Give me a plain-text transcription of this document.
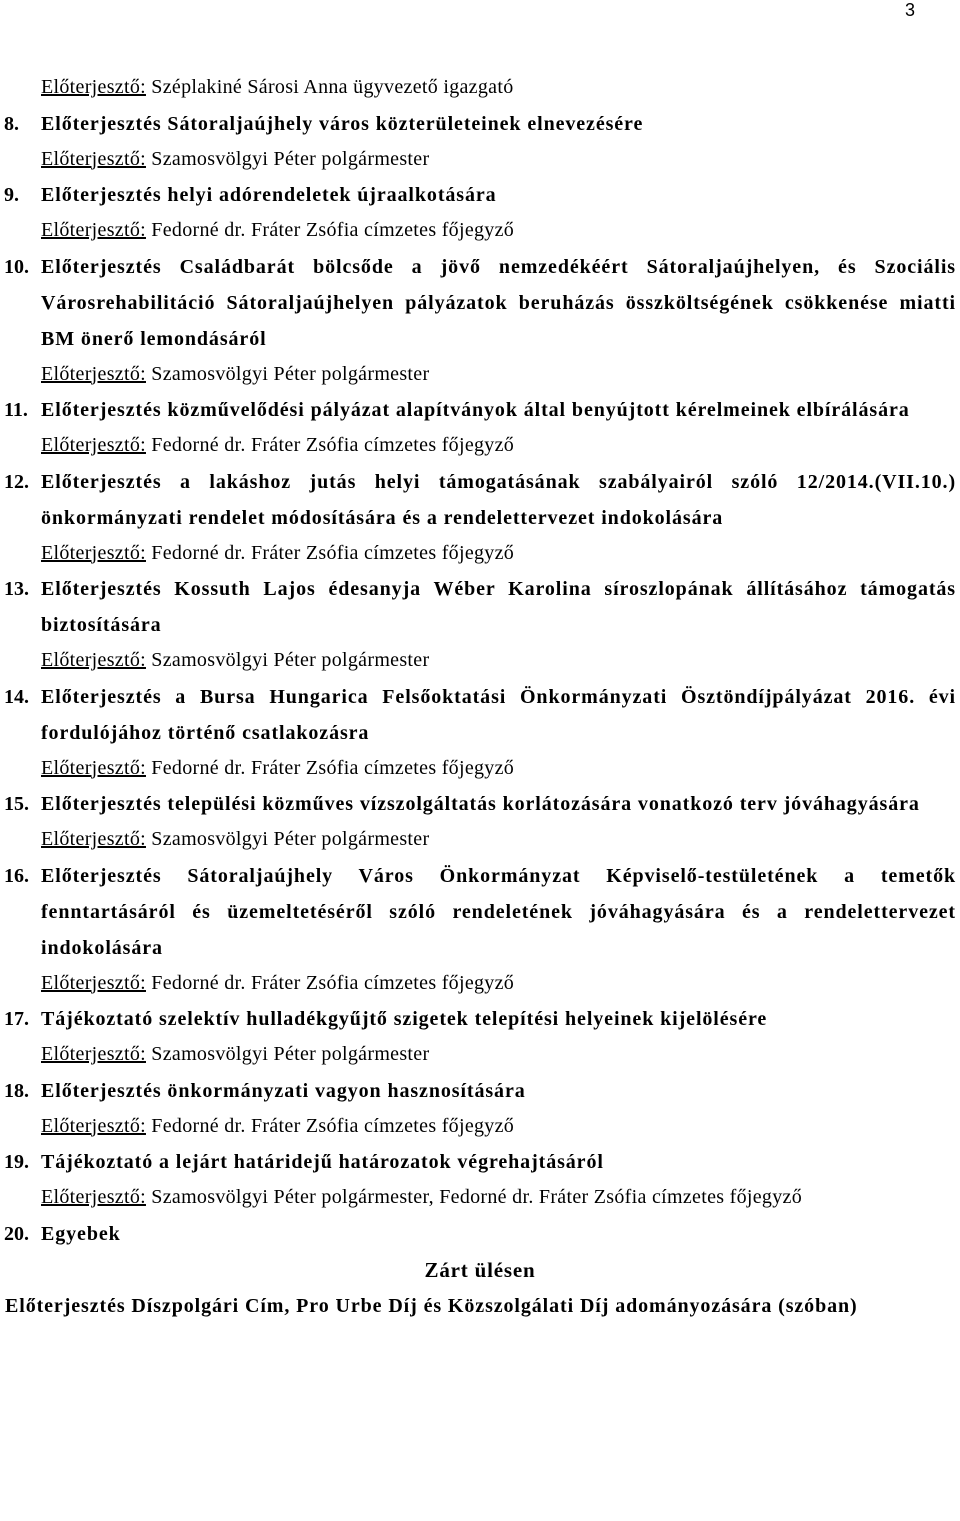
3
Előterjesztő: Széplakiné Sárosi Anna ügyvezető igazgató
8.	Előterjesztés Sátoraljaújhely város közterületeinek elnevezésére
Előterjesztő: Szamosvölgyi Péter polgármester
9.	Előterjesztés helyi adórendeletek újraalkotására
Előterjesztő: Fedorné dr. Fráter Zsófia címzetes főjegyző
10. Előterjesztés Családbarát bölcsőde a jövő nemzedékéért Sátoraljaújhelyen, és Szociális Városrehabilitáció Sátoraljaújhelyen pályázatok beruházás összköltségének csökkenése miatti BM önerő lemondásáról
Előterjesztő: Szamosvölgyi Péter polgármester
11. Előterjesztés közművelődési pályázat alapítványok által benyújtott kérelmeinek elbírálására
Előterjesztő: Fedorné dr. Fráter Zsófia címzetes főjegyző
12. Előterjesztés a lakáshoz jutás helyi támogatásának szabályairól szóló 12/2014.(VII.10.) önkormányzati rendelet módosítására és a rendelettervezet indokolására
Előterjesztő: Fedorné dr. Fráter Zsófia címzetes főjegyző
13. Előterjesztés Kossuth Lajos édesanyja Wéber Karolina síroszlopának állításához támogatás biztosítására
Előterjesztő: Szamosvölgyi Péter polgármester
14. Előterjesztés a Bursa Hungarica Felsőoktatási Önkormányzati Ösztöndíjpályázat 2016. évi fordulójához történő csatlakozásra
Előterjesztő: Fedorné dr. Fráter Zsófia címzetes főjegyző
15. Előterjesztés települési közműves vízszolgáltatás korlátozására vonatkozó terv jóváhagyására
Előterjesztő: Szamosvölgyi Péter polgármester
16. Előterjesztés Sátoraljaújhely Város Önkormányzat Képviselő-testületének a temetők fenntartásáról és üzemeltetéséről szóló rendeletének jóváhagyására és a rendelettervezet indokolására
Előterjesztő: Fedorné dr. Fráter Zsófia címzetes főjegyző
17. Tájékoztató szelektív hulladékgyűjtő szigetek telepítési helyeinek kijelölésére
Előterjesztő: Szamosvölgyi Péter polgármester
18. Előterjesztés önkormányzati vagyon hasznosítására
Előterjesztő: Fedorné dr. Fráter Zsófia címzetes főjegyző
19. Tájékoztató a lejárt határidejű határozatok végrehajtásáról
Előterjesztő: Szamosvölgyi Péter polgármester, Fedorné dr. Fráter Zsófia címzetes főjegyző
20. Egyebek
Zárt ülésen
Előterjesztés Díszpolgári Cím, Pro Urbe Díj és Közszolgálati Díj adományozására (szóban)
